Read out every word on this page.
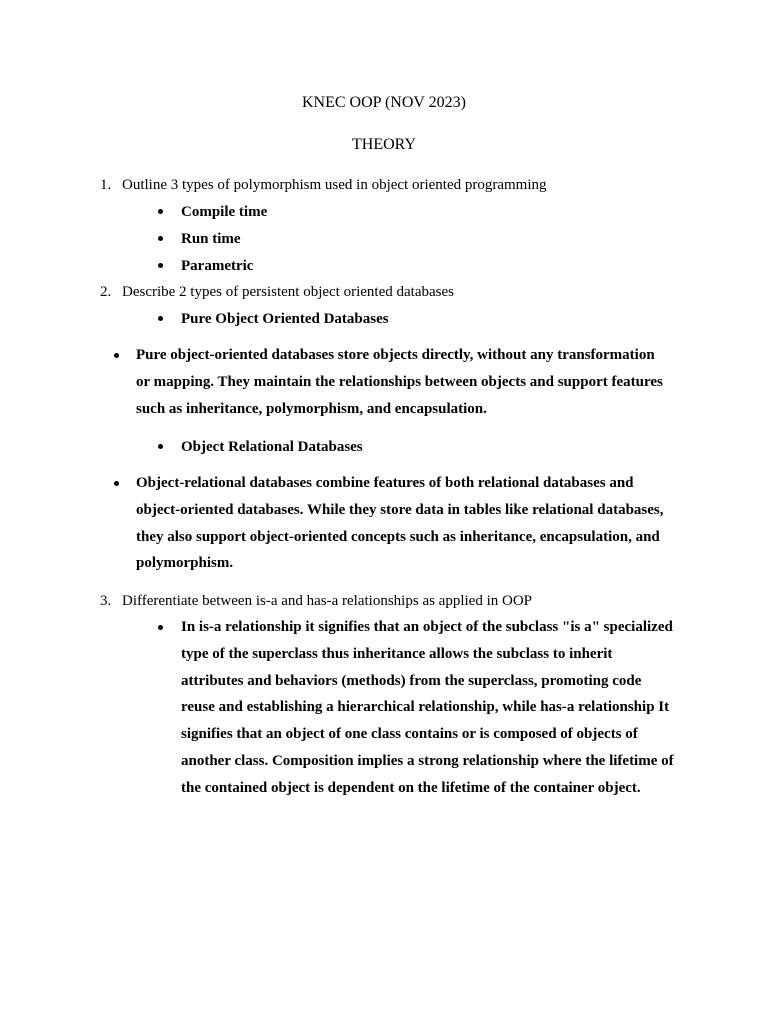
KNEC OOP (NOV 2023)
THEORY
1. Outline 3 types of polymorphism used in object oriented programming
Compile time
Run time
Parametric
2. Describe 2 types of persistent object oriented databases
Pure Object Oriented Databases
Pure object-oriented databases store objects directly, without any transformation
or mapping. They maintain the relationships between objects and support features
such as inheritance, polymorphism, and encapsulation.
Object Relational Databases
Object-relational databases combine features of both relational databases and
object-oriented databases. While they store data in tables like relational databases,
they also support object-oriented concepts such as inheritance, encapsulation, and
polymorphism.
3. Differentiate between is-a and has-a relationships as applied in OOP
In is-a relationship it signifies that an object of the subclass "is a" specialized
type of the superclass thus inheritance allows the subclass to inherit
attributes and behaviors (methods) from the superclass, promoting code
reuse and establishing a hierarchical relationship, while has-a relationship It
signifies that an object of one class contains or is composed of objects of
another class. Composition implies a strong relationship where the lifetime of
the contained object is dependent on the lifetime of the container object.
